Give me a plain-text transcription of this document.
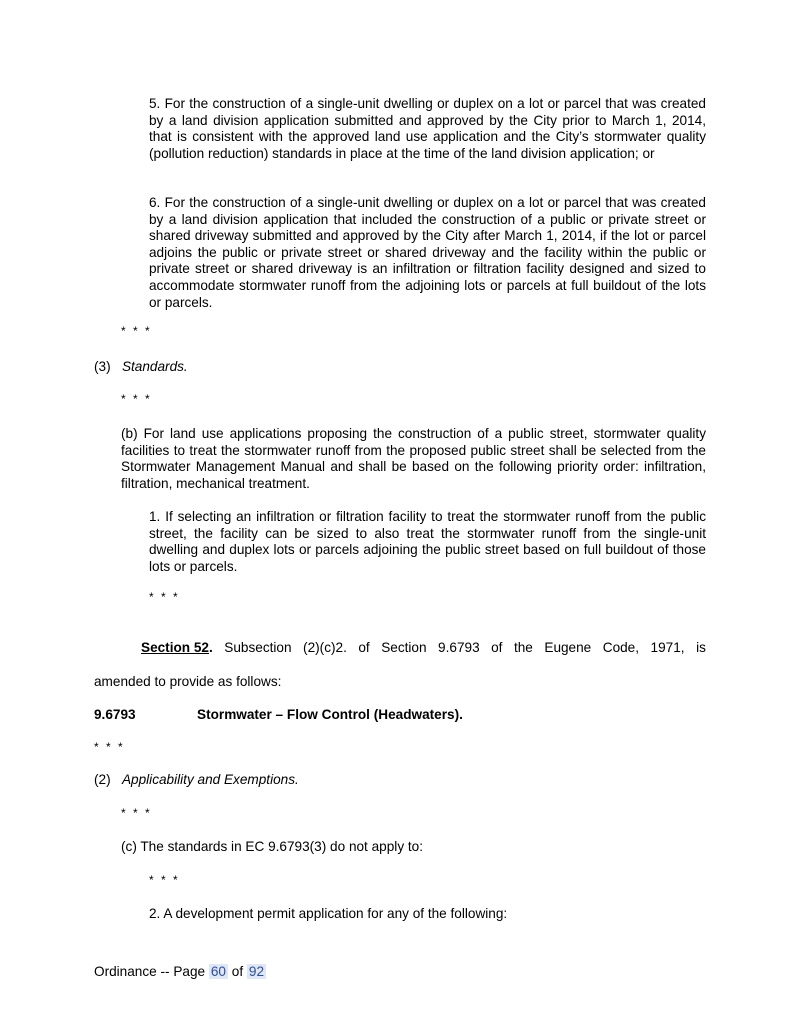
5. For the construction of a single-unit dwelling or duplex on a lot or parcel that was created by a land division application submitted and approved by the City prior to March 1, 2014, that is consistent with the approved land use application and the City’s stormwater quality (pollution reduction) standards in place at the time of the land division application; or

6. For the construction of a single-unit dwelling or duplex on a lot or parcel that was created by a land division application that included the construction of a public or private street or shared driveway submitted and approved by the City after March 1, 2014, if the lot or parcel adjoins the public or private street or shared driveway and the facility within the public or private street or shared driveway is an infiltration or filtration facility designed and sized to accommodate stormwater runoff from the adjoining lots or parcels at full buildout of the lots or parcels.

* * *
(3) Standards.
* * *

(b) For land use applications proposing the construction of a public street, stormwater quality facilities to treat the stormwater runoff from the proposed public street shall be selected from the Stormwater Management Manual and shall be based on the following priority order: infiltration, filtration, mechanical treatment.

1. If selecting an infiltration or filtration facility to treat the stormwater runoff from the public street, the facility can be sized to also treat the stormwater runoff from the single-unit dwelling and duplex lots or parcels adjoining the public street based on full buildout of those lots or parcels.

* * *
Section 52. Subsection (2)(c)2. of Section 9.6793 of the Eugene Code, 1971, is
amended to provide as follows:
9.6793	Stormwater – Flow Control (Headwaters).
* * *
(2) Applicability and Exemptions.
* * *
(c) The standards in EC 9.6793(3) do not apply to:
* * *
2. A development permit application for any of the following:
Ordinance -- Page 60 of 92
